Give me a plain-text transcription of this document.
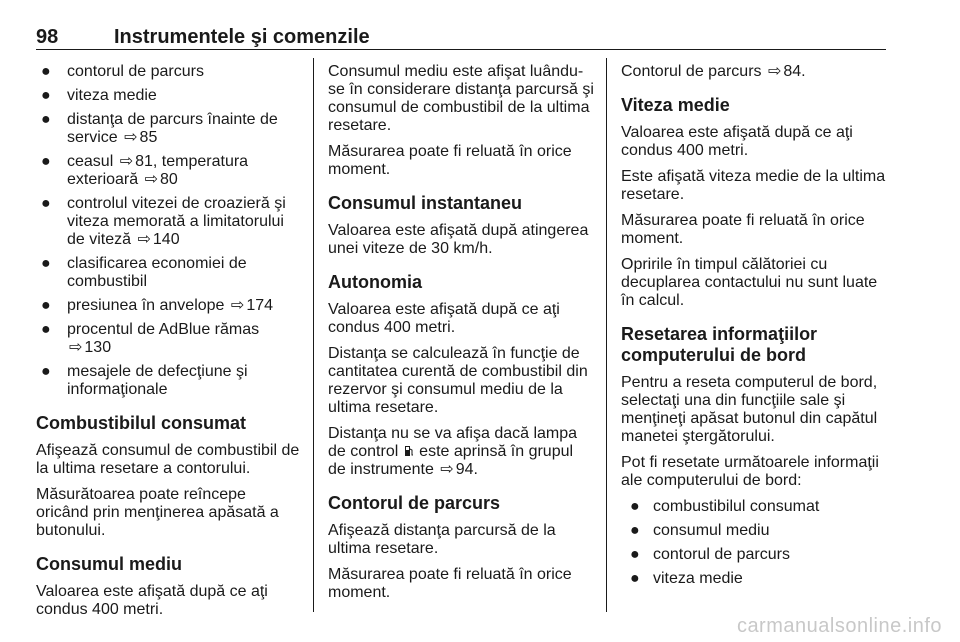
98	Instrumentele şi comenzile
● contorul de parcurs
● viteza medie
● distanţa de parcurs înainte de service ⇨ 85
● ceasul ⇨ 81, temperatura exterioară ⇨ 80
● controlul vitezei de croazieră şi viteza memorată a limitatorului de viteză ⇨ 140
● clasificarea economiei de combustibil
● presiunea în anvelope ⇨ 174
● procentul de AdBlue rămas
⇨ 130
● mesajele de defecţiune şi informaţionale
Combustibilul consumat

Afişează consumul de combustibil de la ultima resetare a contorului.

Măsurătoarea poate reîncepe oricând prin menţinerea apăsată a butonului.

Consumul mediu

Valoarea este afişată după ce aţi condus 400 metri.

Consumul mediu este afişat luându-se în considerare distanţa parcursă şi consumul de combustibil de la ultima resetare.

Măsurarea poate fi reluată în orice moment.

Consumul instantaneu

Valoarea este afişată după atingerea unei viteze de 30 km/h.

Autonomia

Valoarea este afişată după ce aţi condus 400 metri.

Distanţa se calculează în funcţie de cantitatea curentă de combustibil din rezervor şi consumul mediu de la ultima resetare.

Distanţa nu se va afişa dacă lampa de control este aprinsă în grupul de instrumente ⇨ 94.

Contorul de parcurs

Afişează distanţa parcursă de la ultima resetare.

Măsurarea poate fi reluată în orice moment.

Contorul de parcurs ⇨ 84.

Viteza medie

Valoarea este afişată după ce aţi condus 400 metri.

Este afişată viteza medie de la ultima resetare.

Măsurarea poate fi reluată în orice moment.

Opririle în timpul călătoriei cu decuplarea contactului nu sunt luate în calcul.

Resetarea informaţiilor computerului de bord

Pentru a reseta computerul de bord, selectaţi una din funcţiile sale şi menţineţi apăsat butonul din capătul manetei ştergătorului.

Pot fi resetate următoarele informaţii ale computerului de bord:

● combustibilul consumat
● consumul mediu
● contorul de parcurs
● viteza medie
carmanualsonline.info
